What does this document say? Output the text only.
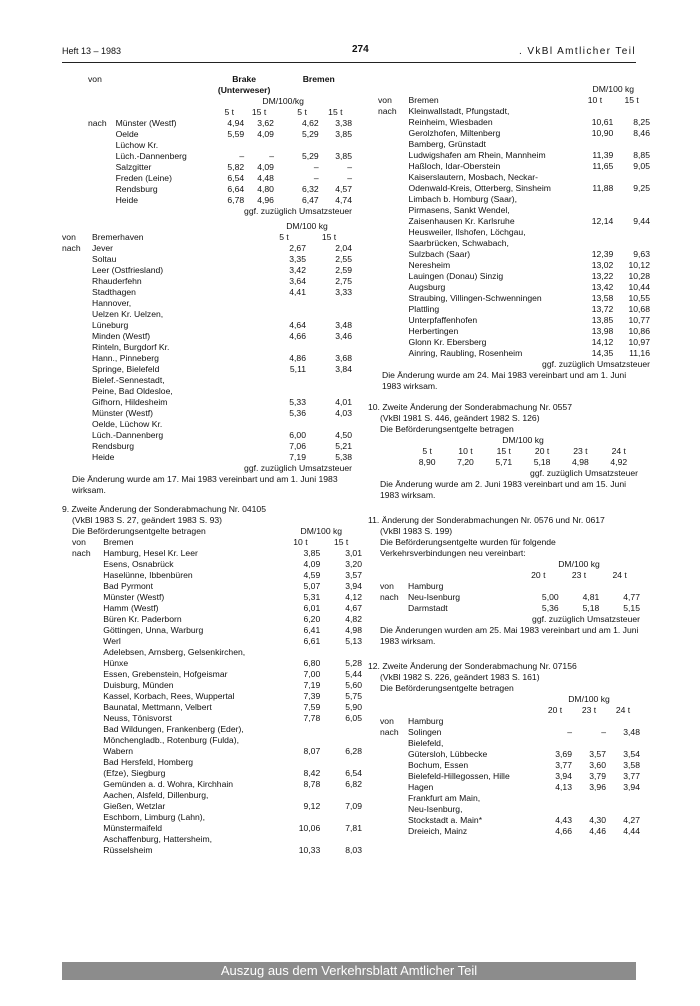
Heft 13 – 1983	274	. VkBl Amtlicher Teil
von		Brake			Bremen	
		(Unterweser)				
		DM/100/kg				
		5 t	15 t		5 t	15 t
nach	Münster (Westf)	4,94	3,62		4,62	3,38
	Oelde	5,59	4,09		5,29	3,85
	Lüchow Kr.					
	Lüch.-Dannenberg	–	–		5,29	3,85
	Salzgitter	5,82	4,09		–	–
	Freden (Leine)	6,54	4,48		–	–
	Rendsburg	6,64	4,80		6,32	4,57
	Heide	6,78	4,96		6,47	4,74
	ggf. zuzüglich Umsatzsteuer					
		DM/100 kg	
von	Bremerhaven	5 t	15 t
nach	Jever	2,67	2,04
	Soltau	3,35	2,55
	Leer (Ostfriesland)	3,42	2,59
	Rhauderfehn	3,64	2,75
	Stadthagen	4,41	3,33
	Hannover,		
	Uelzen Kr. Uelzen,		
	Lüneburg	4,64	3,48
	Minden (Westf)	4,66	3,46
	Rinteln, Burgdorf Kr.		
	Hann., Pinneberg	4,86	3,68
	Springe, Bielefeld	5,11	3,84
	Bielef.-Sennestadt,		
	Peine, Bad Oldesloe,		
	Gifhorn, Hildesheim	5,33	4,01
	Münster (Westf)	5,36	4,03
	Oelde, Lüchow Kr.		
	Lüch.-Dannenberg	6,00	4,50
	Rendsburg	7,06	5,21
	Heide	7,19	5,38
ggf. zuzüglich Umsatzsteuer			

Die Änderung wurde am 17. Mai 1983 vereinbart und am 1. Juni 1983 wirksam.

9. Zweite Änderung der Sonderabmachung Nr. 04105
(VkBl 1983 S. 27, geändert 1983 S. 93)
Die Beförderungsentgelte betragen		DM/100 kg	
von	Bremen	10 t	15 t
nach	Hamburg, Hesel Kr. Leer	3,85	3,01
	Esens, Osnabrück	4,09	3,20
	Haselünne, Ibbenbüren	4,59	3,57
	Bad Pyrmont	5,07	3,94
	Münster (Westf)	5,31	4,12
	Hamm (Westf)	6,01	4,67
	Büren Kr. Paderborn	6,20	4,82
	Göttingen, Unna, Warburg	6,41	4,98
	Werl	6,61	5,13
	Adelebsen, Arnsberg, Gelsenkirchen,		
	Hünxe	6,80	5,28
	Essen, Grebenstein, Hofgeismar	7,00	5,44
	Duisburg, Münden	7,19	5,60
	Kassel, Korbach, Rees, Wuppertal	7,39	5,75
	Baunatal, Mettmann, Velbert	7,59	5,90
	Neuss, Tönisvorst	7,78	6,05
	Bad Wildungen, Frankenberg (Eder),		
	Mönchengladb., Rotenburg (Fulda),		
	Wabern	8,07	6,28
	Bad Hersfeld, Homberg		
	(Efze), Siegburg	8,42	6,54
	Gemünden a. d. Wohra, Kirchhain	8,78	6,82
	Aachen, Alsfeld, Dillenburg,		
	Gießen, Wetzlar	9,12	7,09
	Eschborn, Limburg (Lahn),		
	Münstermaifeld	10,06	7,81
	Aschaffenburg, Hattersheim,		
	Rüsselsheim	10,33	8,03
		DM/100 kg	
von	Bremen	10 t	15 t
nach	Kleinwallstadt, Pfungstadt,		
	Reinheim, Wiesbaden	10,61	8,25
	Gerolzhofen, Miltenberg	10,90	8,46
	Bamberg, Grünstadt		
	Ludwigshafen am Rhein, Mannheim	11,39	8,85
	Haßloch, Idar-Oberstein	11,65	9,05
	Kaiserslautern, Mosbach, Neckar-		
	Odenwald-Kreis, Otterberg, Sinsheim	11,88	9,25
	Limbach b. Homburg (Saar),		
	Pirmasens, Sankt Wendel,		
	Zaisenhausen Kr. Karlsruhe	12,14	9,44
	Heusweiler, Ilshofen, Löchgau,		
	Saarbrücken, Schwabach,		
	Sulzbach (Saar)	12,39	9,63
	Neresheim	13,02	10,12
	Lauingen (Donau) Sinzig	13,22	10,28
	Augsburg	13,42	10,44
	Straubing, Villingen-Schwenningen	13,58	10,55
	Plattling	13,72	10,68
	Unterpfaffenhofen	13,85	10,77
	Herbertingen	13,98	10,86
	Glonn Kr. Ebersberg	14,12	10,97
	Ainring, Raubling, Rosenheim	14,35	11,16
ggf. zuzüglich Umsatzsteuer			

Die Änderung wurde am 24. Mai 1983 vereinbart und am 1. Juni 1983 wirksam.

10. Zweite Änderung der Sonderabmachung Nr. 0557
(VkBl 1981 S. 446, geändert 1982 S. 126)
Die Beförderungsentgelte betragen
DM/100 kg					
5 t	10 t	15 t	20 t	23 t	24 t
8,90	7,20	5,71	5,18	4,98	4,92
ggf. zuzüglich Umsatzsteuer					

Die Änderung wurde am 2. Juni 1983 vereinbart und am 15. Juni 1983 wirksam.

11. Änderung der Sonderabmachungen Nr. 0576 und Nr. 0617
(VkBl 1983 S. 199)

Die Beförderungsentgelte wurden für folgende Verkehrsverbindungen neu vereinbart:

		DM/100 kg		
		20 t	23 t	24 t
von	Hamburg			
nach	Neu-Isenburg	5,00	4,81	4,77
	Darmstadt	5,36	5,18	5,15
ggf. zuzüglich Umsatzsteuer				

Die Änderungen wurden am 25. Mai 1983 vereinbart und am 1. Juni 1983 wirksam.

12. Zweite Änderung der Sonderabmachung Nr. 07156
(VkBl 1982 S. 226, geändert 1983 S. 161)
Die Beförderungsentgelte betragen
		DM/100 kg		
		20 t	23 t	24 t
von	Hamburg			
nach	Solingen	–	–	3,48
	Bielefeld,			
	Gütersloh, Lübbecke	3,69	3,57	3,54
	Bochum, Essen	3,77	3,60	3,58
	Bielefeld-Hillegossen, Hille	3,94	3,79	3,77
	Hagen	4,13	3,96	3,94
	Frankfurt am Main,			
	Neu-Isenburg,			
	Stockstadt a. Main*	4,43	4,30	4,27
	Dreieich, Mainz	4,66	4,46	4,44
Auszug aus dem Verkehrsblatt Amtlicher Teil
